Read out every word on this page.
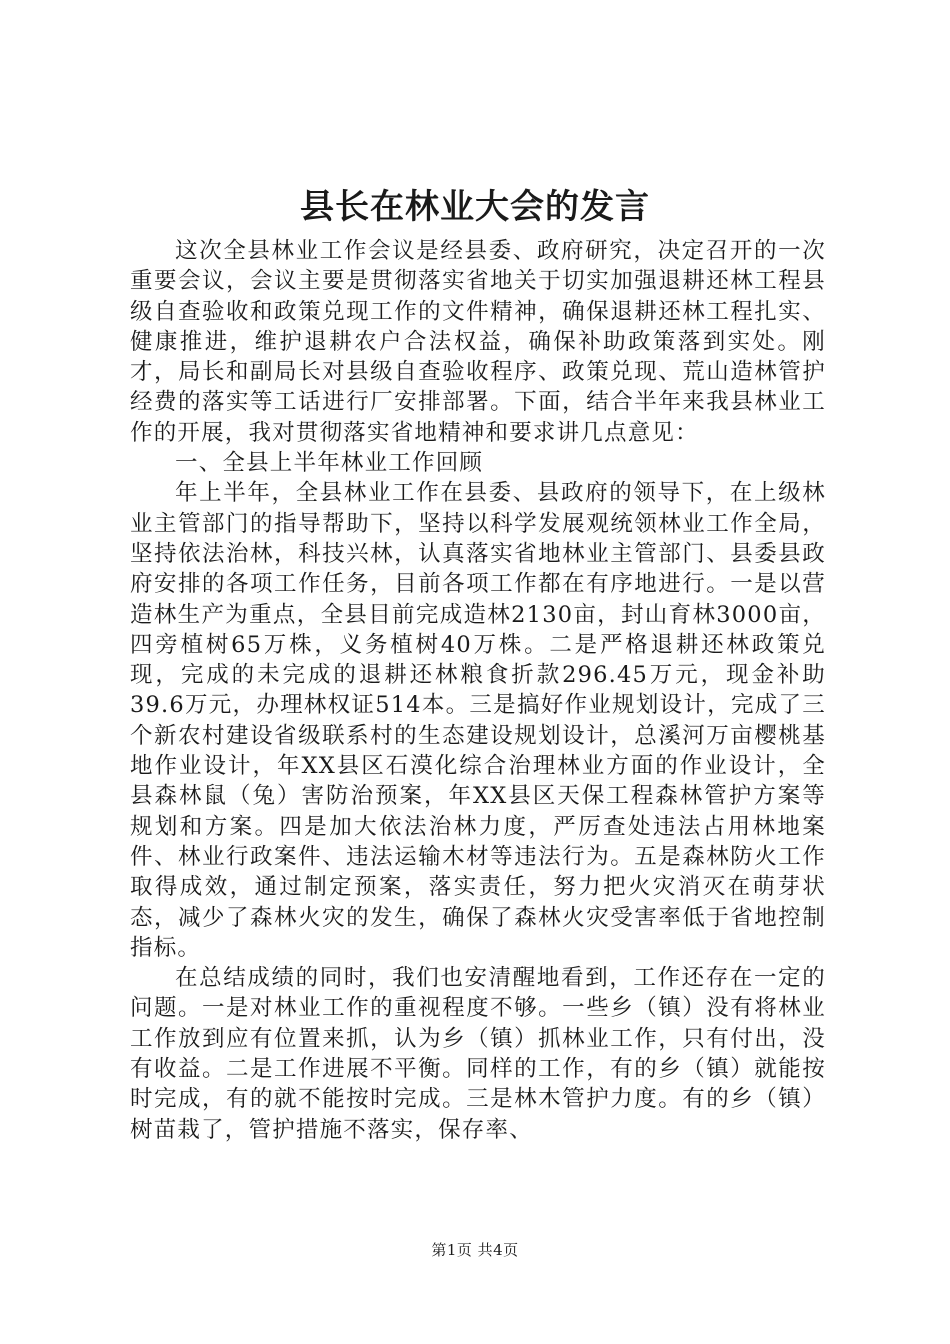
县长在林业大会的发言

这次全县林业工作会议是经县委、政府研究，决定召开的一次重要会议，会议主要是贯彻落实省地关于切实加强退耕还林工程县级自查验收和政策兑现工作的文件精神，确保退耕还林工程扎实、健康推进，维护退耕农户合法权益，确保补助政策落到实处。刚才，局长和副局长对县级自查验收程序、政策兑现、荒山造林管护经费的落实等工话进行厂安排部署。下面，结合半年来我县林业工作的开展，我对贯彻落实省地精神和要求讲几点意见：

一、全县上半年林业工作回顾

年上半年，全县林业工作在县委、县政府的领导下，在上级林业主管部门的指导帮助下，坚持以科学发展观统领林业工作全局，坚持依法治林，科技兴林，认真落实省地林业主管部门、县委县政府安排的各项工作任务，目前各项工作都在有序地进行。一是以营造林生产为重点，全县目前完成造林2130亩，封山育林3000亩，四旁植树65万株，义务植树40万株。二是严格退耕还林政策兑现，完成的未完成的退耕还林粮食折款296.45万元，现金补助39.6万元，办理林权证514本。三是搞好作业规划设计，完成了三个新农村建设省级联系村的生态建设规划设计，总溪河万亩樱桃基地作业设计，年XX县区石漠化综合治理林业方面的作业设计，全县森林鼠（兔）害防治预案，年XX县区天保工程森林管护方案等规划和方案。四是加大依法治林力度，严厉查处违法占用林地案件、林业行政案件、违法运输木材等违法行为。五是森林防火工作取得成效，通过制定预案，落实责任，努力把火灾消灭在萌芽状态，减少了森林火灾的发生，确保了森林火灾受害率低于省地控制指标。

在总结成绩的同时，我们也安清醒地看到，工作还存在一定的问题。一是对林业工作的重视程度不够。一些乡（镇）没有将林业工作放到应有位置来抓，认为乡（镇）抓林业工作，只有付出，没有收益。二是工作进展不平衡。同样的工作，有的乡（镇）就能按时完成，有的就不能按时完成。三是林木管护力度。有的乡（镇）树苗栽了，管护措施不落实，保存率、

第1页 共4页
